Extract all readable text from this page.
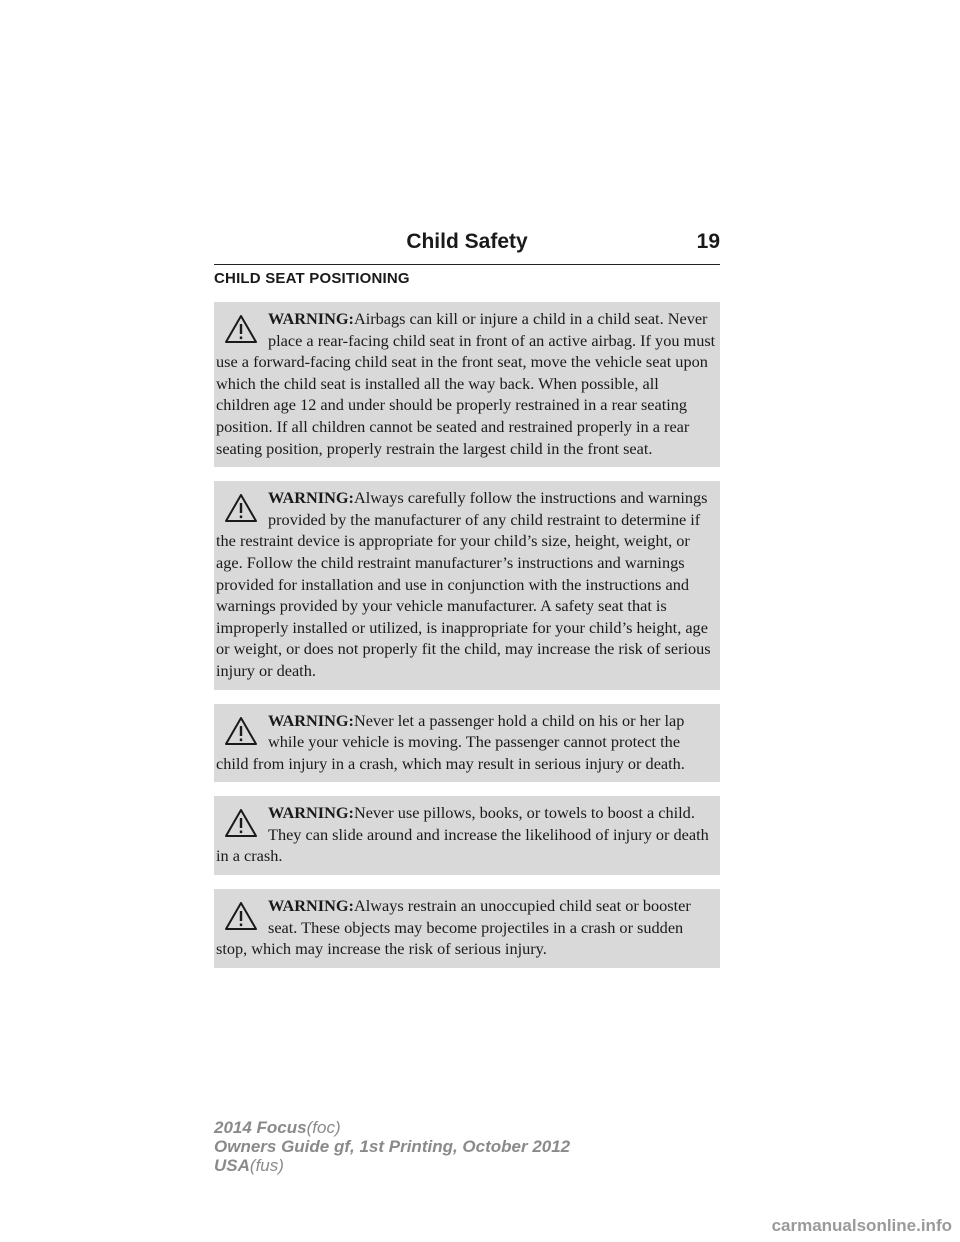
Child Safety	19
CHILD SEAT POSITIONING
WARNING:Airbags can kill or injure a child in a child seat. Never place a rear-facing child seat in front of an active airbag. If you must use a forward-facing child seat in the front seat, move the vehicle seat upon which the child seat is installed all the way back. When possible, all children age 12 and under should be properly restrained in a rear seating position. If all children cannot be seated and restrained properly in a rear seating position, properly restrain the largest child in the front seat.
WARNING:Always carefully follow the instructions and warnings provided by the manufacturer of any child restraint to determine if the restraint device is appropriate for your child’s size, height, weight, or age. Follow the child restraint manufacturer’s instructions and warnings provided for installation and use in conjunction with the instructions and warnings provided by your vehicle manufacturer. A safety seat that is improperly installed or utilized, is inappropriate for your child’s height, age or weight, or does not properly fit the child, may increase the risk of serious injury or death.
WARNING:Never let a passenger hold a child on his or her lap while your vehicle is moving. The passenger cannot protect the child from injury in a crash, which may result in serious injury or death.
WARNING:Never use pillows, books, or towels to boost a child. They can slide around and increase the likelihood of injury or death in a crash.
WARNING:Always restrain an unoccupied child seat or booster seat. These objects may become projectiles in a crash or sudden stop, which may increase the risk of serious injury.
2014 Focus(foc)
Owners Guide gf, 1st Printing, October 2012
USA(fus)
carmanualsonline.info
